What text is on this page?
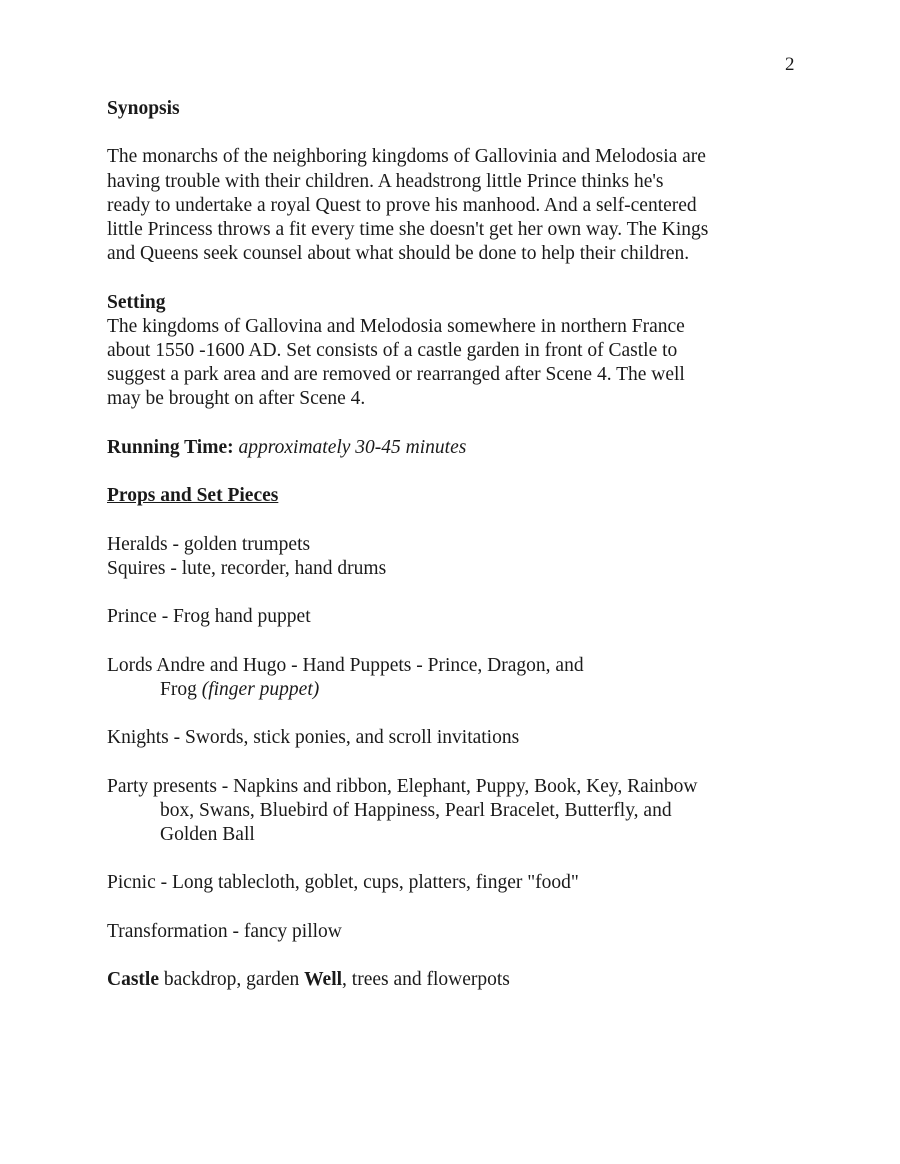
2
Synopsis
The monarchs of the neighboring kingdoms of Gallovinia and Melodosia are
having trouble with their children. A headstrong little Prince thinks he's
ready to undertake a royal Quest to prove his manhood. And a self-centered
little Princess throws a fit every time she doesn't get her own way. The Kings
and Queens seek counsel about what should be done to help their children.
Setting
The kingdoms of Gallovina and Melodosia somewhere in northern France
about 1550 -1600 AD. Set consists of a castle garden in front of Castle to
suggest a park area and are removed or rearranged after Scene 4. The well
may be brought on after Scene 4.
Running Time: approximately 30-45 minutes
Props and Set Pieces
Heralds - golden trumpets
Squires - lute, recorder, hand drums
Prince - Frog hand puppet
Lords Andre and Hugo - Hand Puppets - Prince, Dragon, and
Frog (finger puppet)
Knights - Swords, stick ponies, and scroll invitations
Party presents - Napkins and ribbon, Elephant, Puppy, Book, Key, Rainbow
box, Swans, Bluebird of Happiness, Pearl Bracelet, Butterfly, and
Golden Ball
Picnic - Long tablecloth, goblet, cups, platters, finger "food"
Transformation - fancy pillow
Castle backdrop, garden Well, trees and flowerpots
